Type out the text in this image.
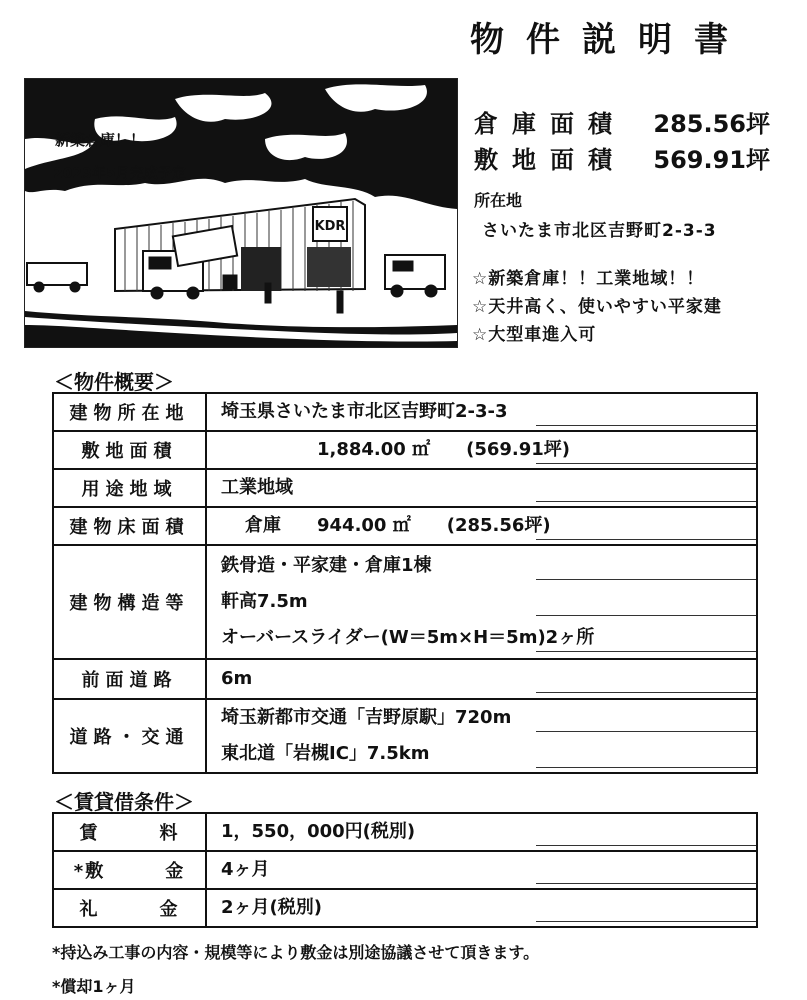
物件説明書
KDR
新築倉庫！！
2023年5月完成予定
倉庫面積 285.56坪
敷地面積 569.91坪
所在地
さいたま市北区吉野町2-3-3
☆新築倉庫！！工業地域！！
☆天井高く、使いやすい平家建
☆大型車進入可
＜物件概要＞
建物所在地	埼玉県さいたま市北区吉野町2-3-3

敷地面積	1,884.00 ㎡　　(569.91坪)

用途地域	工業地域

建物床面積	倉庫　　944.00 ㎡　　(285.56坪)

建物構造等	鉄骨造・平家建・倉庫1棟
軒高7.5m
オーバースライダー(W＝5m×H＝5m)2ヶ所

前面道路	6m

道路・交通	埼玉新都市交通「吉野原駅」720m
東北道「岩槻IC」7.5km
＜賃貸借条件＞
賃　　　料	1，550，000円(税別)

*敷　　　金	4ヶ月

礼　　　金	2ヶ月(税別)
*持込み工事の内容・規模等により敷金は別途協議させて頂きます。
*償却1ヶ月
